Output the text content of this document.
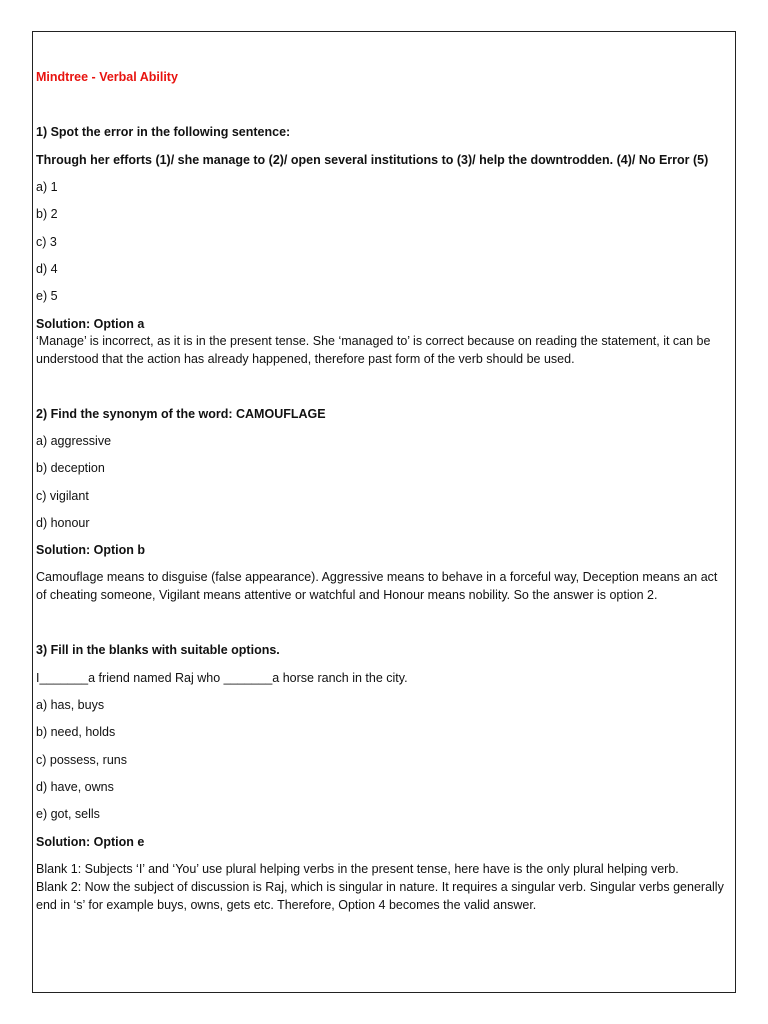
Mindtree - Verbal Ability
1) Spot the error in the following sentence:
Through her efforts (1)/ she manage to (2)/ open several institutions to (3)/ help the downtrodden. (4)/ No Error (5)
a) 1
b) 2
c) 3
d) 4
e) 5
Solution: Option a
‘Manage’ is incorrect, as it is in the present tense. She ‘managed to’ is correct because on reading the statement, it can be understood that the action has already happened, therefore past form of the verb should be used.
2) Find the synonym of the word: CAMOUFLAGE
a) aggressive
b) deception
c) vigilant
d) honour
Solution: Option b
Camouflage means to disguise (false appearance). Aggressive means to behave in a forceful way, Deception means an act of cheating someone, Vigilant means attentive or watchful and Honour means nobility. So the answer is option 2.
3) Fill in the blanks with suitable options.
I_______a friend named Raj who _______a horse ranch in the city.
a) has, buys
b) need, holds
c) possess, runs
d) have, owns
e) got, sells
Solution: Option e
Blank 1: Subjects ‘I’ and ‘You’ use plural helping verbs in the present tense, here have is the only plural helping verb.
Blank 2: Now the subject of discussion is Raj, which is singular in nature. It requires a singular verb. Singular verbs generally end in ‘s’ for example buys, owns, gets etc. Therefore, Option 4 becomes the valid answer.
